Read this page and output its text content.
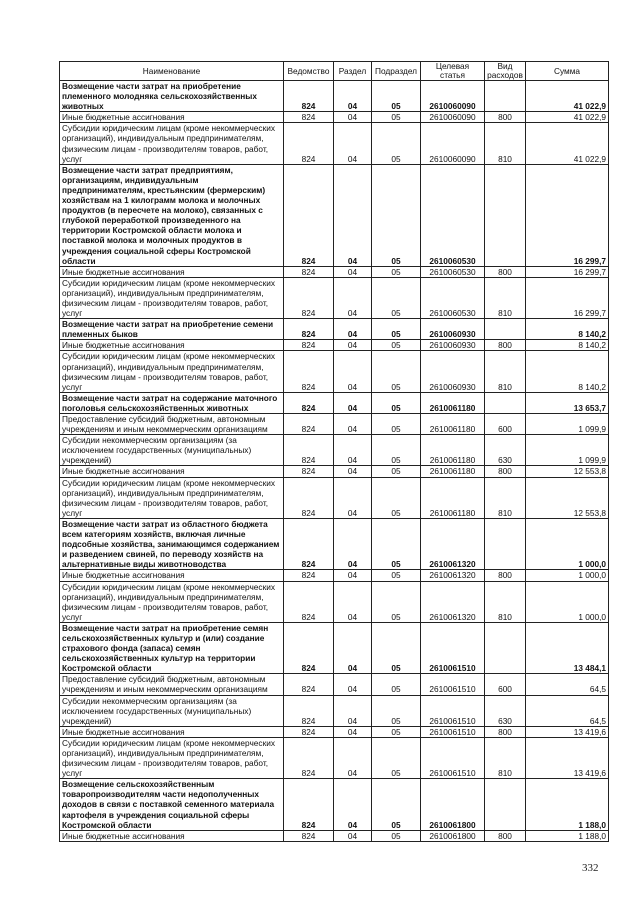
Наименование	Ведомство	Раздел	Подраздел	Целевая статья	Вид расходов	Сумма
Возмещение части затрат на приобретение племенного молодняка сельскохозяйственных животных	824	04	05	2610060090		41 022,9
Иные бюджетные ассигнования	824	04	05	2610060090	800	41 022,9
Субсидии юридическим лицам (кроме некоммерческих организаций), индивидуальным предпринимателям, физическим лицам - производителям товаров, работ, услуг	824	04	05	2610060090	810	41 022,9
Возмещение части затрат предприятиям, организациям, индивидуальным предпринимателям, крестьянским (фермерским) хозяйствам на 1 килограмм молока и молочных продуктов (в пересчете на молоко), связанных с глубокой переработкой произведенного на территории Костромской области молока и поставкой молока и молочных продуктов в учреждения социальной сферы Костромской области	824	04	05	2610060530		16 299,7
Иные бюджетные ассигнования	824	04	05	2610060530	800	16 299,7
Субсидии юридическим лицам (кроме некоммерческих организаций), индивидуальным предпринимателям, физическим лицам - производителям товаров, работ, услуг	824	04	05	2610060530	810	16 299,7
Возмещение части затрат на приобретение семени племенных быков	824	04	05	2610060930		8 140,2
Иные бюджетные ассигнования	824	04	05	2610060930	800	8 140,2
Субсидии юридическим лицам (кроме некоммерческих организаций), индивидуальным предпринимателям, физическим лицам - производителям товаров, работ, услуг	824	04	05	2610060930	810	8 140,2
Возмещение части затрат на содержание маточного поголовья сельскохозяйственных животных	824	04	05	2610061180		13 653,7
Предоставление субсидий бюджетным, автономным учреждениям и иным некоммерческим организациям	824	04	05	2610061180	600	1 099,9
Субсидии некоммерческим организациям (за исключением государственных (муниципальных) учреждений)	824	04	05	2610061180	630	1 099,9
Иные бюджетные ассигнования	824	04	05	2610061180	800	12 553,8
Субсидии юридическим лицам (кроме некоммерческих организаций), индивидуальным предпринимателям, физическим лицам - производителям товаров, работ, услуг	824	04	05	2610061180	810	12 553,8
Возмещение части затрат из областного бюджета всем категориям хозяйств, включая личные подсобные хозяйства, занимающимся содержанием и разведением свиней, по переводу хозяйств на альтернативные виды животноводства	824	04	05	2610061320		1 000,0
Иные бюджетные ассигнования	824	04	05	2610061320	800	1 000,0
Субсидии юридическим лицам (кроме некоммерческих организаций), индивидуальным предпринимателям, физическим лицам - производителям товаров, работ, услуг	824	04	05	2610061320	810	1 000,0
Возмещение части затрат на приобретение семян сельскохозяйственных культур и (или) создание страхового фонда (запаса) семян сельскохозяйственных культур на территории Костромской области	824	04	05	2610061510		13 484,1
Предоставление субсидий бюджетным, автономным учреждениям и иным некоммерческим организациям	824	04	05	2610061510	600	64,5
Субсидии некоммерческим организациям (за исключением государственных (муниципальных) учреждений)	824	04	05	2610061510	630	64,5
Иные бюджетные ассигнования	824	04	05	2610061510	800	13 419,6
Субсидии юридическим лицам (кроме некоммерческих организаций), индивидуальным предпринимателям, физическим лицам - производителям товаров, работ, услуг	824	04	05	2610061510	810	13 419,6
Возмещение сельскохозяйственным товаропроизводителям части недополученных доходов в связи с поставкой семенного материала картофеля в учреждения социальной сферы Костромской области	824	04	05	2610061800		1 188,0
Иные бюджетные ассигнования	824	04	05	2610061800	800	1 188,0
332
